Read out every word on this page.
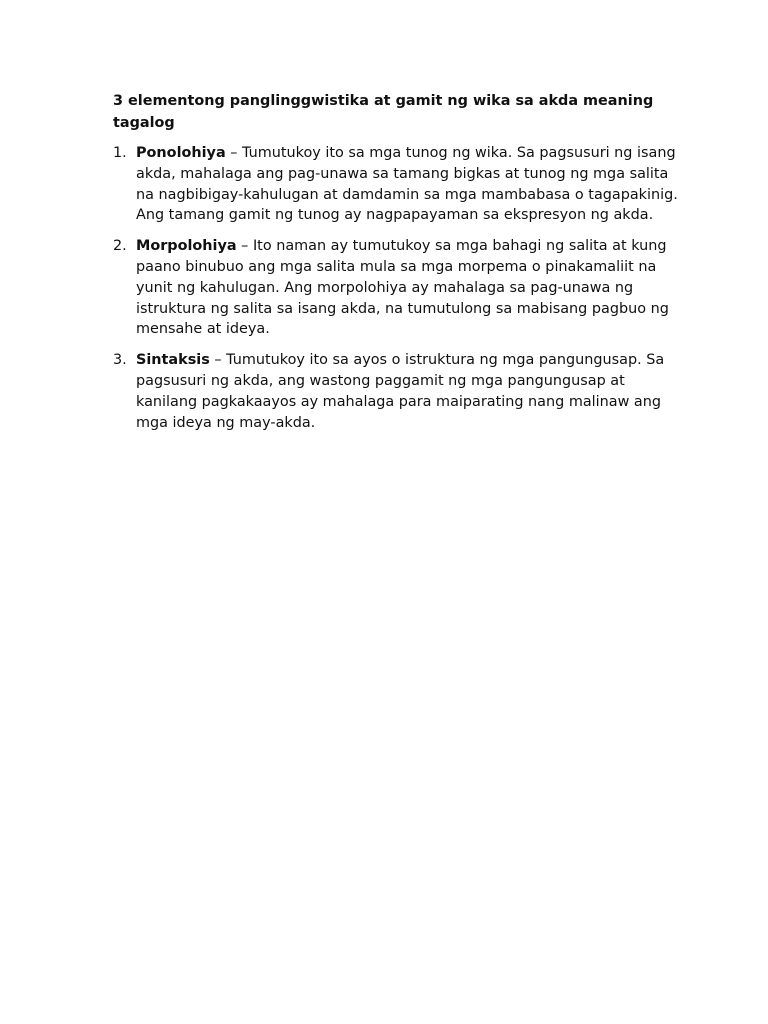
3 elementong panglinggwistika at gamit ng wika sa akda meaning tagalog
1. Ponolohiya – Tumutukoy ito sa mga tunog ng wika. Sa pagsusuri ng isang akda, mahalaga ang pag-unawa sa tamang bigkas at tunog ng mga salita na nagbibigay-kahulugan at damdamin sa mga mambabasa o tagapakinig. Ang tamang gamit ng tunog ay nagpapayaman sa ekspresyon ng akda.
2. Morpolohiya – Ito naman ay tumutukoy sa mga bahagi ng salita at kung paano binubuo ang mga salita mula sa mga morpema o pinakamaliit na yunit ng kahulugan. Ang morpolohiya ay mahalaga sa pag-unawa ng istruktura ng salita sa isang akda, na tumutulong sa mabisang pagbuo ng mensahe at ideya.
3. Sintaksis – Tumutukoy ito sa ayos o istruktura ng mga pangungusap. Sa pagsusuri ng akda, ang wastong paggamit ng mga pangungusap at kanilang pagkakaayos ay mahalaga para maiparating nang malinaw ang mga ideya ng may-akda.
